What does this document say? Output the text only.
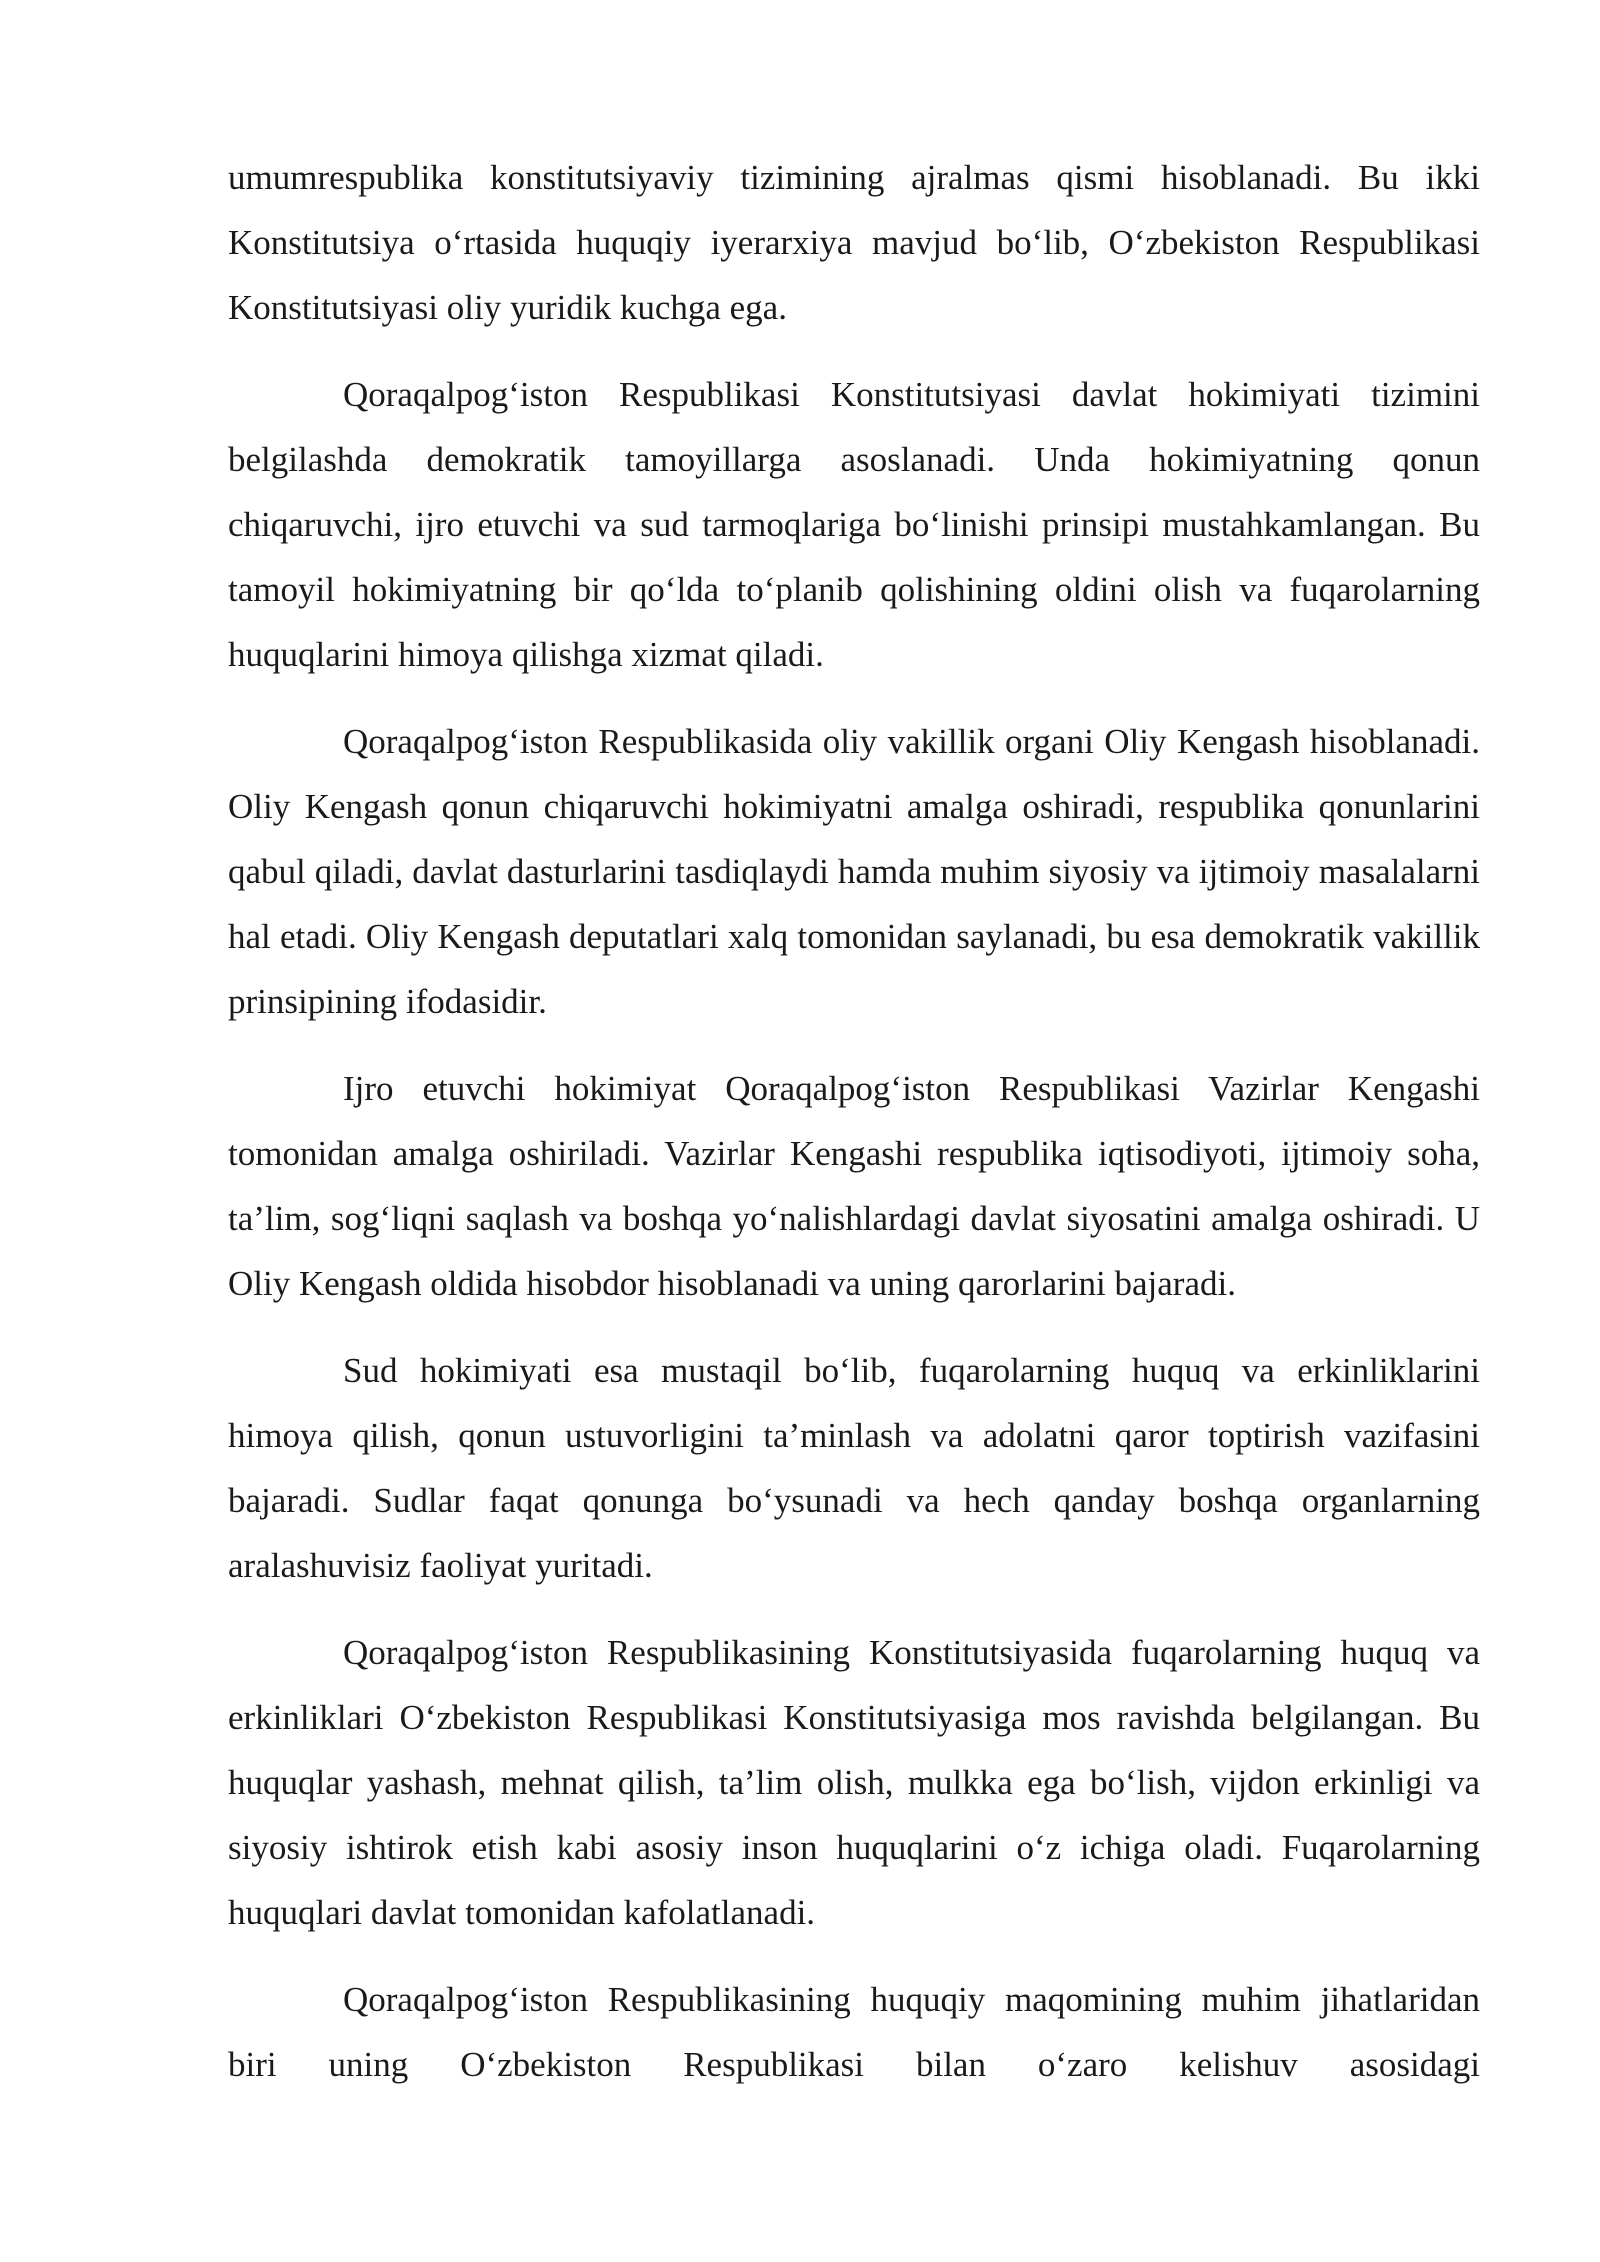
umumrespublika konstitutsiyaviy tizimining ajralmas qismi hisoblanadi. Bu ikki Konstitutsiya o‘rtasida huquqiy iyerarxiya mavjud bo‘lib, O‘zbekiston Respublikasi Konstitutsiyasi oliy yuridik kuchga ega.

Qoraqalpog‘iston Respublikasi Konstitutsiyasi davlat hokimiyati tizimini belgilashda demokratik tamoyillarga asoslanadi. Unda hokimiyatning qonun chiqaruvchi, ijro etuvchi va sud tarmoqlariga bo‘linishi prinsipi mustahkamlangan. Bu tamoyil hokimiyatning bir qo‘lda to‘planib qolishining oldini olish va fuqarolarning huquqlarini himoya qilishga xizmat qiladi.

Qoraqalpog‘iston Respublikasida oliy vakillik organi Oliy Kengash hisoblanadi. Oliy Kengash qonun chiqaruvchi hokimiyatni amalga oshiradi, respublika qonunlarini qabul qiladi, davlat dasturlarini tasdiqlaydi hamda muhim siyosiy va ijtimoiy masalalarni hal etadi. Oliy Kengash deputatlari xalq tomonidan saylanadi, bu esa demokratik vakillik prinsipining ifodasidir.

Ijro etuvchi hokimiyat Qoraqalpog‘iston Respublikasi Vazirlar Kengashi tomonidan amalga oshiriladi. Vazirlar Kengashi respublika iqtisodiyoti, ijtimoiy soha, ta’lim, sog‘liqni saqlash va boshqa yo‘nalishlardagi davlat siyosatini amalga oshiradi. U Oliy Kengash oldida hisobdor hisoblanadi va uning qarorlarini bajaradi.

Sud hokimiyati esa mustaqil bo‘lib, fuqarolarning huquq va erkinliklarini himoya qilish, qonun ustuvorligini ta’minlash va adolatni qaror toptirish vazifasini bajaradi. Sudlar faqat qonunga bo‘ysunadi va hech qanday boshqa organlarning aralashuvisiz faoliyat yuritadi.

Qoraqalpog‘iston Respublikasining Konstitutsiyasida fuqarolarning huquq va erkinliklari O‘zbekiston Respublikasi Konstitutsiyasiga mos ravishda belgilangan. Bu huquqlar yashash, mehnat qilish, ta’lim olish, mulkka ega bo‘lish, vijdon erkinligi va siyosiy ishtirok etish kabi asosiy inson huquqlarini o‘z ichiga oladi. Fuqarolarning huquqlari davlat tomonidan kafolatlanadi.

Qoraqalpog‘iston Respublikasining huquqiy maqomining muhim jihatlaridan biri uning O‘zbekiston Respublikasi bilan o‘zaro kelishuv asosidagi
